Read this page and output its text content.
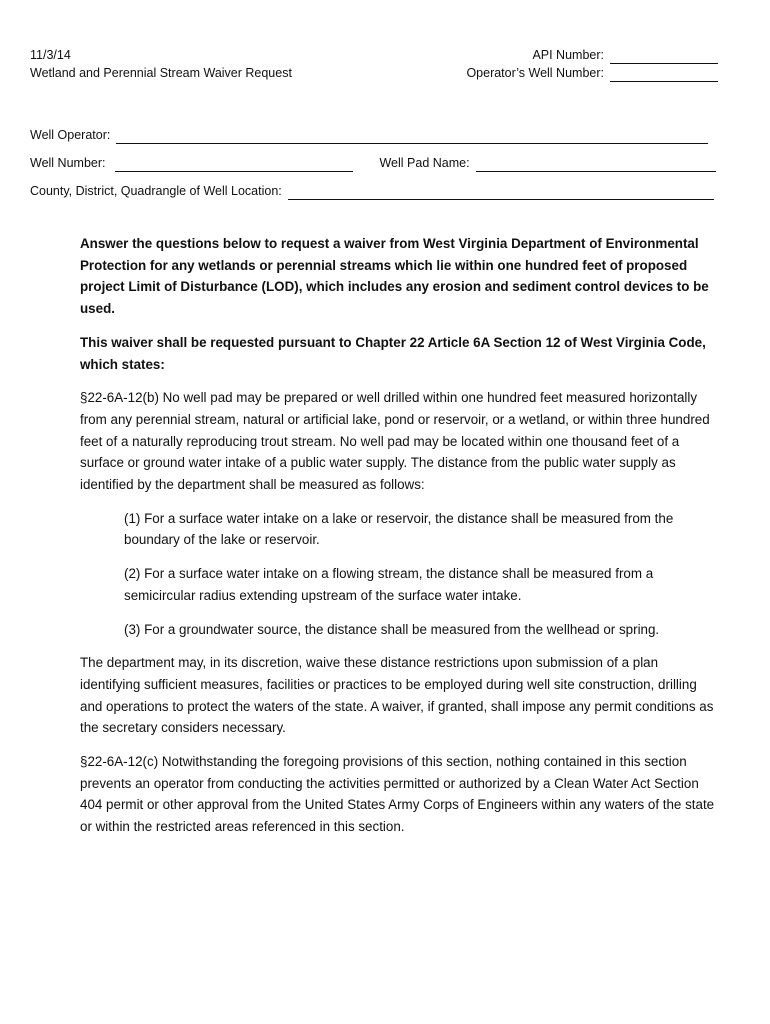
11/3/14
Wetland and Perennial Stream Waiver Request
API Number:
Operator’s Well Number:
Well Operator:
Well Number:	Well Pad Name:
County, District, Quadrangle of Well Location:

Answer the questions below to request a waiver from West Virginia Department of Environmental Protection for any wetlands or perennial streams which lie within one hundred feet of proposed project Limit of Disturbance (LOD), which includes any erosion and sediment control devices to be used.

This waiver shall be requested pursuant to Chapter 22 Article 6A Section 12 of West Virginia Code, which states:

§22-6A-12(b) No well pad may be prepared or well drilled within one hundred feet measured horizontally from any perennial stream, natural or artificial lake, pond or reservoir, or a wetland, or within three hundred feet of a naturally reproducing trout stream. No well pad may be located within one thousand feet of a surface or ground water intake of a public water supply. The distance from the public water supply as identified by the department shall be measured as follows:

(1) For a surface water intake on a lake or reservoir, the distance shall be measured from the boundary of the lake or reservoir.

(2) For a surface water intake on a flowing stream, the distance shall be measured from a semicircular radius extending upstream of the surface water intake.

(3) For a groundwater source, the distance shall be measured from the wellhead or spring.

The department may, in its discretion, waive these distance restrictions upon submission of a plan identifying sufficient measures, facilities or practices to be employed during well site construction, drilling and operations to protect the waters of the state. A waiver, if granted, shall impose any permit conditions as the secretary considers necessary.

§22-6A-12(c) Notwithstanding the foregoing provisions of this section, nothing contained in this section prevents an operator from conducting the activities permitted or authorized by a Clean Water Act Section 404 permit or other approval from the United States Army Corps of Engineers within any waters of the state or within the restricted areas referenced in this section.
